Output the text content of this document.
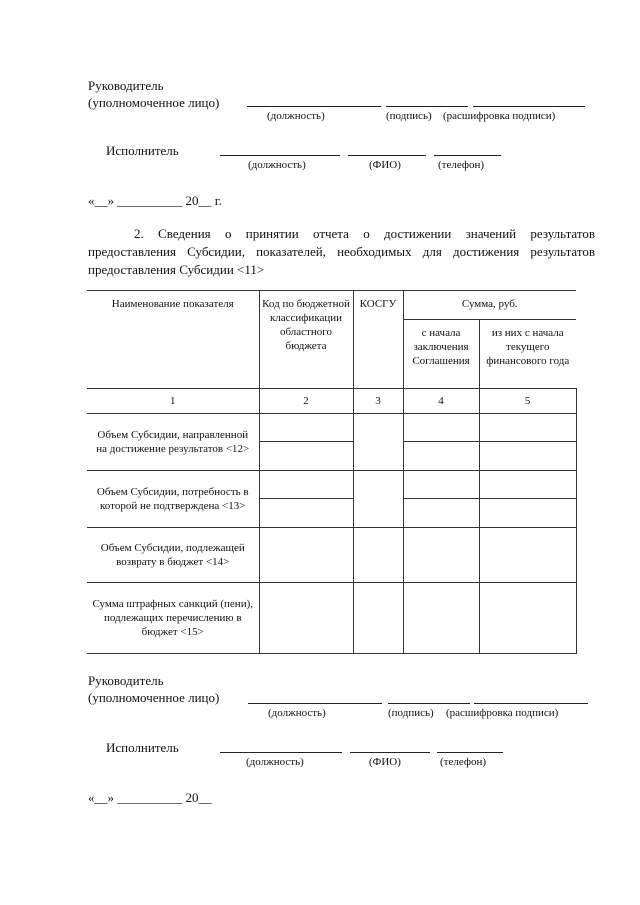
Руководитель
(уполномоченное лицо)
(должность)	(подпись) (расшифровка подписи)
Исполнитель
(должность)	(ФИО)	(телефон)
«__» __________ 20__ г.
2. Сведения о принятии отчета о достижении значений результатов предоставления Субсидии, показателей, необходимых для достижения результатов предоставления Субсидии <11>
Наименование показателя	Код по бюджетной классификации областного бюджета	КОСГУ	Сумма, руб.	
			с начала заключения Соглашения	из них с начала текущего финансового года
1	2	3	4	5
Объем Субсидии, направленной на достижение результатов <12>				

Объем Субсидии, потребность в которой не подтверждена <13>				

Объем Субсидии, подлежащей возврату в бюджет <14>				
Сумма штрафных санкций (пени), подлежащих перечислению в бюджет <15>				
Руководитель
(уполномоченное лицо)
(должность)	(подпись) (расшифровка подписи)
Исполнитель
(должность)	(ФИО)	(телефон)
«__» __________ 20__
